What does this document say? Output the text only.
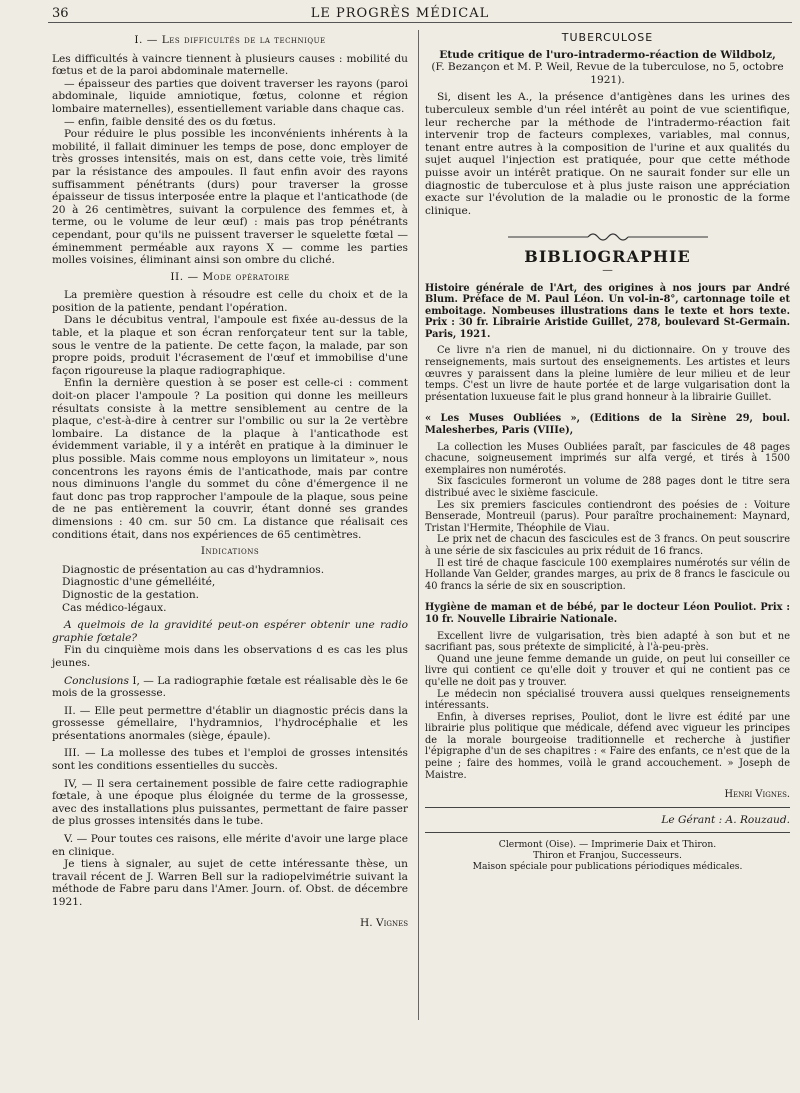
36	LE PROGRÈS MÉDICAL

I. — Les difficultés de la technique

Les difficultés à vaincre tiennent à plusieurs causes : mobilité du fœtus et de la paroi abdominale maternelle.

— épaisseur des parties que doivent traverser les rayons (paroi abdominale, liquide amniotique, fœtus, colonne et région lombaire maternelles), essentiellement variable dans chaque cas.

— enfin, faible densité des os du fœtus.

Pour réduire le plus possible les inconvénients inhérents à la mobilité, il fallait diminuer les temps de pose, donc employer de très grosses intensités, mais on est, dans cette voie, très limité par la résistance des ampoules. Il faut enfin avoir des rayons suffisamment pénétrants (durs) pour traverser la grosse épaisseur de tissus interposée entre la plaque et l'anticathode (de 20 à 26 centimètres, suivant la corpulence des femmes et, à terme, ou le volume de leur œuf) : mais pas trop pénétrants cependant, pour qu'ils ne puissent traverser le squelette fœtal — éminemment perméable aux rayons X — comme les parties molles voisines, éliminant ainsi son ombre du cliché.

II. — Mode opératoire

La première question à résoudre est celle du choix et de la position de la patiente, pendant l'opération.

Dans le décubitus ventral, l'ampoule est fixée au-dessus de la table, et la plaque et son écran renforçateur tent sur la table, sous le ventre de la patiente. De cette façon, la malade, par son propre poids, produit l'écrasement de l'œuf et immobilise d'une façon rigoureuse la plaque radiographique.

Enfin la dernière question à se poser est celle-ci : comment doit-on placer l'ampoule ? La position qui donne les meilleurs résultats consiste à la mettre sensiblement au centre de la plaque, c'est-à-dire à centrer sur l'ombilic ou sur la 2e vertèbre lombaire. La distance de la plaque à l'anticathode est évidemment variable, il y a intérêt en pratique à la diminuer le plus possible. Mais comme nous employons un limitateur », nous concentrons les rayons émis de l'anticathode, mais par contre nous diminuons l'angle du sommet du cône d'émergence il ne faut donc pas trop rapprocher l'ampoule de la plaque, sous peine de ne pas entièrement la couvrir, étant donné ses grandes dimensions : 40 cm. sur 50 cm. La distance que réalisait ces conditions était, dans nos expériences de 65 centimètres.

Indications

Diagnostic de présentation au cas d'hydramnios.

Diagnostic d'une gémelléité,

Dignostic de la gestation.

Cas médico-légaux.

A quelmois de la gravidité peut-on espérer obtenir une radio graphie fœtale?

Fin du cinquième mois dans les observations d es cas les plus jeunes.

Conclusions I, — La radiographie fœtale est réalisable dès le 6e mois de la grossesse.

II. — Elle peut permettre d'établir un diagnostic précis dans la grossesse gémellaire, l'hydramnios, l'hydrocéphalie et les présentations anormales (siège, épaule).

III. — La mollesse des tubes et l'emploi de grosses intensités sont les conditions essentielles du succès.

IV, — Il sera certainement possible de faire cette radiographie fœtale, à une époque plus éloignée du terme de la grossesse, avec des installations plus puissantes, permettant de faire passer de plus grosses intensités dans le tube.

V. — Pour toutes ces raisons, elle mérite d'avoir une large place en clinique.

Je tiens à signaler, au sujet de cette intéressante thèse, un travail récent de J. Warren Bell sur la radiopelvimétrie suivant la méthode de Fabre paru dans l'Amer. Journ. of. Obst. de décembre 1921.

H. Vignes

TUBERCULOSE

Etude critique de l'uro-intradermo-réaction de Wildbolz,

(F. Bezançon et M. P. Weil, Revue de la tuberculose, no 5, octobre 1921).

Si, disent les A., la présence d'antigènes dans les urines des tuberculeux semble d'un réel intérêt au point de vue scientifique, leur recherche par la méthode de l'intradermo-réaction fait intervenir trop de facteurs complexes, variables, mal connus, tenant entre autres à la composition de l'urine et aux qualités du sujet auquel l'injection est pratiquée, pour que cette méthode puisse avoir un intérêt pratique. On ne saurait fonder sur elle un diagnostic de tuberculose et à plus juste raison une appréciation exacte sur l'évolution de la maladie ou le pronostic de la forme clinique.

BIBLIOGRAPHIE

—

Histoire générale de l'Art, des origines à nos jours par André Blum. Préface de M. Paul Léon. Un vol-in-8°, cartonnage toile et emboitage. Nombeuses illustrations dans le texte et hors texte. Prix : 30 fr. Librairie Aristide Guillet, 278, boulevard St-Germain. Paris, 1921.

Ce livre n'a rien de manuel, ni du dictionnaire. On y trouve des renseignements, mais surtout des enseignements. Les artistes et leurs œuvres y paraissent dans la pleine lumière de leur milieu et de leur temps. C'est un livre de haute portée et de large vulgarisation dont la présentation luxueuse fait le plus grand honneur à la librairie Guillet.

« Les Muses Oubliées », (Editions de la Sirène 29, boul. Malesherbes, Paris (VIIIe),

La collection les Muses Oubliées paraît, par fascicules de 48 pages chacune, soigneusement imprimés sur alfa vergé, et tirés à 1500 exemplaires non numérotés.

Six fascicules formeront un volume de 288 pages dont le titre sera distribué avec le sixième fascicule.

Les six premiers fascicules contiendront des poésies de : Voiture Benserade, Montreuil (parus). Pour paraître prochainement: Maynard, Tristan l'Hermite, Théophile de Viau.

Le prix net de chacun des fascicules est de 3 francs. On peut souscrire à une série de six fascicules au prix réduit de 16 francs.

Il est tiré de chaque fascicule 100 exemplaires numérotés sur vélin de Hollande Van Gelder, grandes marges, au prix de 8 francs le fascicule ou 40 francs la série de six en souscription.

Hygiène de maman et de bébé, par le docteur Léon Pouliot. Prix : 10 fr. Nouvelle Librairie Nationale.

Excellent livre de vulgarisation, très bien adapté à son but et ne sacrifiant pas, sous prétexte de simplicité, à l'à-peu-près.

Quand une jeune femme demande un guide, on peut lui conseiller ce livre qui contient ce qu'elle doit y trouver et qui ne contient pas ce qu'elle ne doit pas y trouver.

Le médecin non spécialisé trouvera aussi quelques renseignements intéressants.

Enfin, à diverses reprises, Pouliot, dont le livre est édité par une librairie plus politique que médicale, défend avec vigueur les principes de la morale bourgeoise traditionnelle et recherche à justifier l'épigraphe d'un de ses chapitres : « Faire des enfants, ce n'est que de la peine ; faire des hommes, voilà le grand accouchement. » Joseph de Maistre.

Henri Vignes.

Le Gérant : A. Rouzaud.

Clermont (Oise). — Imprimerie Daix et Thiron.

Thiron et Franjou, Successeurs.

Maison spéciale pour publications périodiques médicales.
